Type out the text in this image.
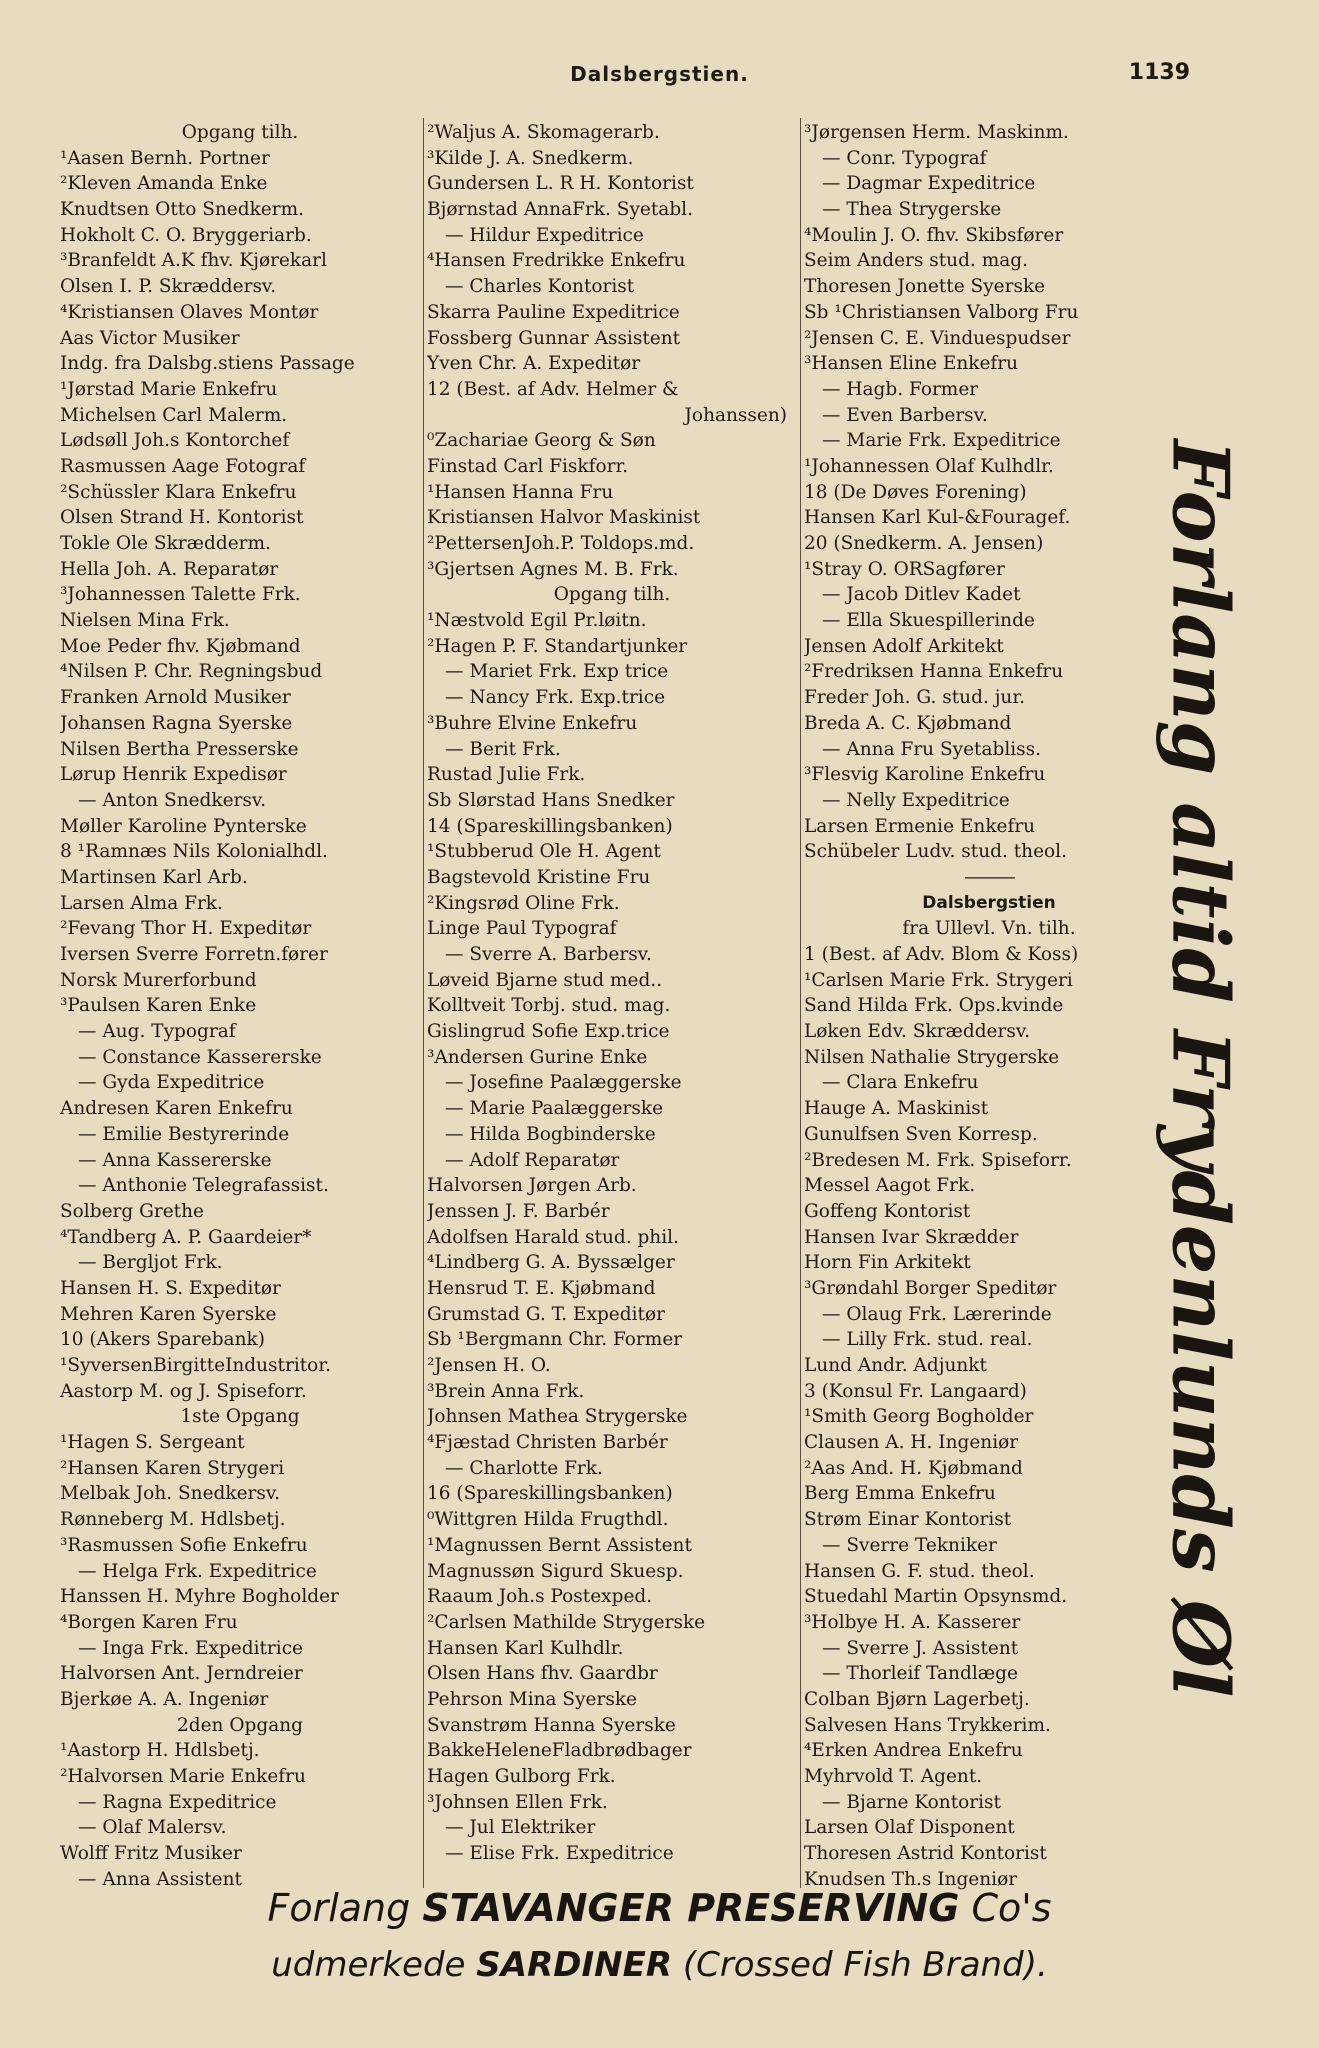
Dalsbergstien.	1139
Opgang tilh.
¹Aasen Bernh. Portner
²Kleven Amanda Enke
Knudtsen Otto Snedkerm.
Hokholt C. O. Bryggeriarb.
³Branfeldt A.K fhv. Kjørekarl
Olsen I. P. Skræddersv.
⁴Kristiansen Olaves Montør
Aas Victor Musiker
Indg. fra Dalsbg.stiens Passage
¹Jørstad Marie Enkefru
Michelsen Carl Malerm.
Lødsøll Joh.s Kontorchef
Rasmussen Aage Fotograf
²Schüssler Klara Enkefru
Olsen Strand H. Kontorist
Tokle Ole Skrædderm.
Hella Joh. A. Reparatør
³Johannessen Talette Frk.
Nielsen Mina Frk.
Moe Peder fhv. Kjøbmand
⁴Nilsen P. Chr. Regningsbud
Franken Arnold Musiker
Johansen Ragna Syerske
Nilsen Bertha Presserske
Lørup Henrik Expedisør
— Anton Snedkersv.
Møller Karoline Pynterske
8 ¹Ramnæs Nils Kolonialhdl.
Martinsen Karl Arb.
Larsen Alma Frk.
²Fevang Thor H. Expeditør
Iversen Sverre Forretn.fører
Norsk Murerforbund
³Paulsen Karen Enke
— Aug. Typograf
— Constance Kassererske
— Gyda Expeditrice
Andresen Karen Enkefru
— Emilie Bestyrerinde
— Anna Kassererske
— Anthonie Telegrafassist.
Solberg Grethe
⁴Tandberg A. P. Gaardeier*
— Bergljot Frk.
Hansen H. S. Expeditør
Mehren Karen Syerske
10 (Akers Sparebank)
¹SyversenBirgitteIndustritor.
Aastorp M. og J. Spiseforr.
1ste Opgang
¹Hagen S. Sergeant
²Hansen Karen Strygeri
Melbak Joh. Snedkersv.
Rønneberg M. Hdlsbetj.
³Rasmussen Sofie Enkefru
— Helga Frk. Expeditrice
Hanssen H. Myhre Bogholder
⁴Borgen Karen Fru
— Inga Frk. Expeditrice
Halvorsen Ant. Jerndreier
Bjerkøe A. A. Ingeniør
2den Opgang
¹Aastorp H. Hdlsbetj.
²Halvorsen Marie Enkefru
— Ragna Expeditrice
— Olaf Malersv.
Wolff Fritz Musiker
— Anna Assistent
²Waljus A. Skomagerarb.
³Kilde J. A. Snedkerm.
Gundersen L. R H. Kontorist
Bjørnstad AnnaFrk. Syetabl.
— Hildur Expeditrice
⁴Hansen Fredrikke Enkefru
— Charles Kontorist
Skarra Pauline Expeditrice
Fossberg Gunnar Assistent
Yven Chr. A. Expeditør
12 (Best. af Adv. Helmer &
Johanssen)
⁰Zachariae Georg & Søn
Finstad Carl Fiskforr.
¹Hansen Hanna Fru
Kristiansen Halvor Maskinist
²PettersenJoh.P. Toldops.md.
³Gjertsen Agnes M. B. Frk.
Opgang tilh.
¹Næstvold Egil Pr.løitn.
²Hagen P. F. Standartjunker
— Mariet Frk. Exp trice
— Nancy Frk. Exp.trice
³Buhre Elvine Enkefru
— Berit Frk.
Rustad Julie Frk.
Sb Slørstad Hans Snedker
14 (Spareskillingsbanken)
¹Stubberud Ole H. Agent
Bagstevold Kristine Fru
²Kingsrød Oline Frk.
Linge Paul Typograf
— Sverre A. Barbersv.
Løveid Bjarne stud med..
Kolltveit Torbj. stud. mag.
Gislingrud Sofie Exp.trice
³Andersen Gurine Enke
— Josefine Paalæggerske
— Marie Paalæggerske
— Hilda Bogbinderske
— Adolf Reparatør
Halvorsen Jørgen Arb.
Jenssen J. F. Barbér
Adolfsen Harald stud. phil.
⁴Lindberg G. A. Byssælger
Hensrud T. E. Kjøbmand
Grumstad G. T. Expeditør
Sb ¹Bergmann Chr. Former
²Jensen H. O.
³Brein Anna Frk.
Johnsen Mathea Strygerske
⁴Fjæstad Christen Barbér
— Charlotte Frk.
16 (Spareskillingsbanken)
⁰Wittgren Hilda Frugthdl.
¹Magnussen Bernt Assistent
Magnussøn Sigurd Skuesp.
Raaum Joh.s Postexped.
²Carlsen Mathilde Strygerske
Hansen Karl Kulhdlr.
Olsen Hans fhv. Gaardbr
Pehrson Mina Syerske
Svanstrøm Hanna Syerske
BakkeHeleneFladbrødbager
Hagen Gulborg Frk.
³Johnsen Ellen Frk.
— Jul Elektriker
— Elise Frk. Expeditrice
³Jørgensen Herm. Maskinm.
— Conr. Typograf
— Dagmar Expeditrice
— Thea Strygerske
⁴Moulin J. O. fhv. Skibsfører
Seim Anders stud. mag.
Thoresen Jonette Syerske
Sb ¹Christiansen Valborg Fru
²Jensen C. E. Vinduespudser
³Hansen Eline Enkefru
— Hagb. Former
— Even Barbersv.
— Marie Frk. Expeditrice
¹Johannessen Olaf Kulhdlr.
18 (De Døves Forening)
Hansen Karl Kul-&Fouragef.
20 (Snedkerm. A. Jensen)
¹Stray O. ORSagfører
— Jacob Ditlev Kadet
— Ella Skuespillerinde
Jensen Adolf Arkitekt
²Fredriksen Hanna Enkefru
Freder Joh. G. stud. jur.
Breda A. C. Kjøbmand
— Anna Fru Syetabliss.
³Flesvig Karoline Enkefru
— Nelly Expeditrice
Larsen Ermenie Enkefru
Schübeler Ludv. stud. theol.
———
Dalsbergstien
fra Ullevl. Vn. tilh.
1 (Best. af Adv. Blom & Koss)
¹Carlsen Marie Frk. Strygeri
Sand Hilda Frk. Ops.kvinde
Løken Edv. Skræddersv.
Nilsen Nathalie Strygerske
— Clara Enkefru
Hauge A. Maskinist
Gunulfsen Sven Korresp.
²Bredesen M. Frk. Spiseforr.
Messel Aagot Frk.
Goffeng Kontorist
Hansen Ivar Skrædder
Horn Fin Arkitekt
³Grøndahl Borger Speditør
— Olaug Frk. Lærerinde
— Lilly Frk. stud. real.
Lund Andr. Adjunkt
3 (Konsul Fr. Langaard)
¹Smith Georg Bogholder
Clausen A. H. Ingeniør
²Aas And. H. Kjøbmand
Berg Emma Enkefru
Strøm Einar Kontorist
— Sverre Tekniker
Hansen G. F. stud. theol.
Stuedahl Martin Opsynsmd.
³Holbye H. A. Kasserer
— Sverre J. Assistent
— Thorleif Tandlæge
Colban Bjørn Lagerbetj.
Salvesen Hans Trykkerim.
⁴Erken Andrea Enkefru
Myhrvold T. Agent.
— Bjarne Kontorist
Larsen Olaf Disponent
Thoresen Astrid Kontorist
Knudsen Th.s Ingeniør
Forlang altid Frydenlunds Øl
Forlang STAVANGER PRESERVING Co's
udmerkede SARDINER (Crossed Fish Brand).
